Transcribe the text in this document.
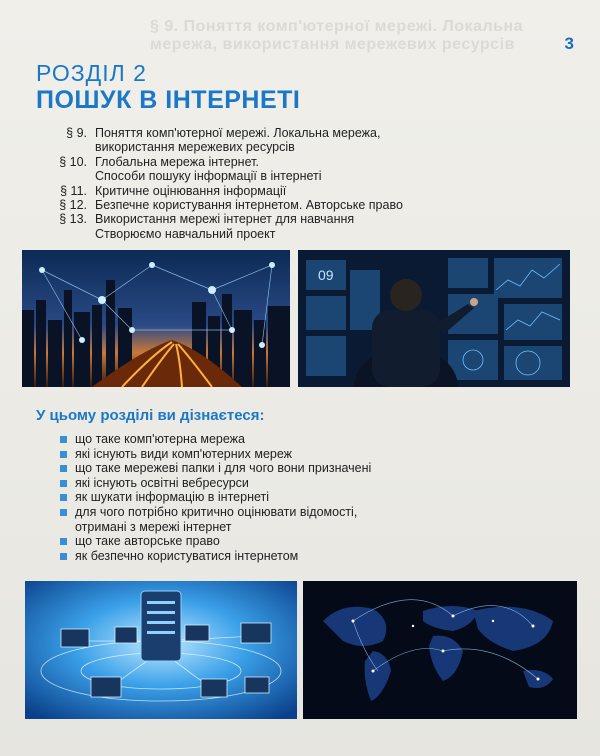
§ 9. Поняття комп'ютерної мережі. Локальна мережа, використання мережевих ресурсів	3
РОЗДІЛ 2
ПОШУК В ІНТЕРНЕТІ
§ 9. Поняття комп'ютерної мережі. Локальна мережа,
використання мережевих ресурсів
§ 10. Глобальна мережа інтернет.
Способи пошуку інформації в інтернеті
§ 11. Критичне оцінювання інформації
§ 12. Безпечне користування інтернетом. Авторське право
§ 13. Використання мережі інтернет для навчання
Створюємо навчальний проект
09
У цьому розділі ви дізнаєтеся:
що таке комп'ютерна мережа
які існують види комп'ютерних мереж
що таке мережеві папки і для чого вони призначені
які існують освітні вебресурси
як шукати інформацію в інтернеті
для чого потрібно критично оцінювати відомості,
отримані з мережі інтернет
що таке авторське право
як безпечно користуватися інтернетом
